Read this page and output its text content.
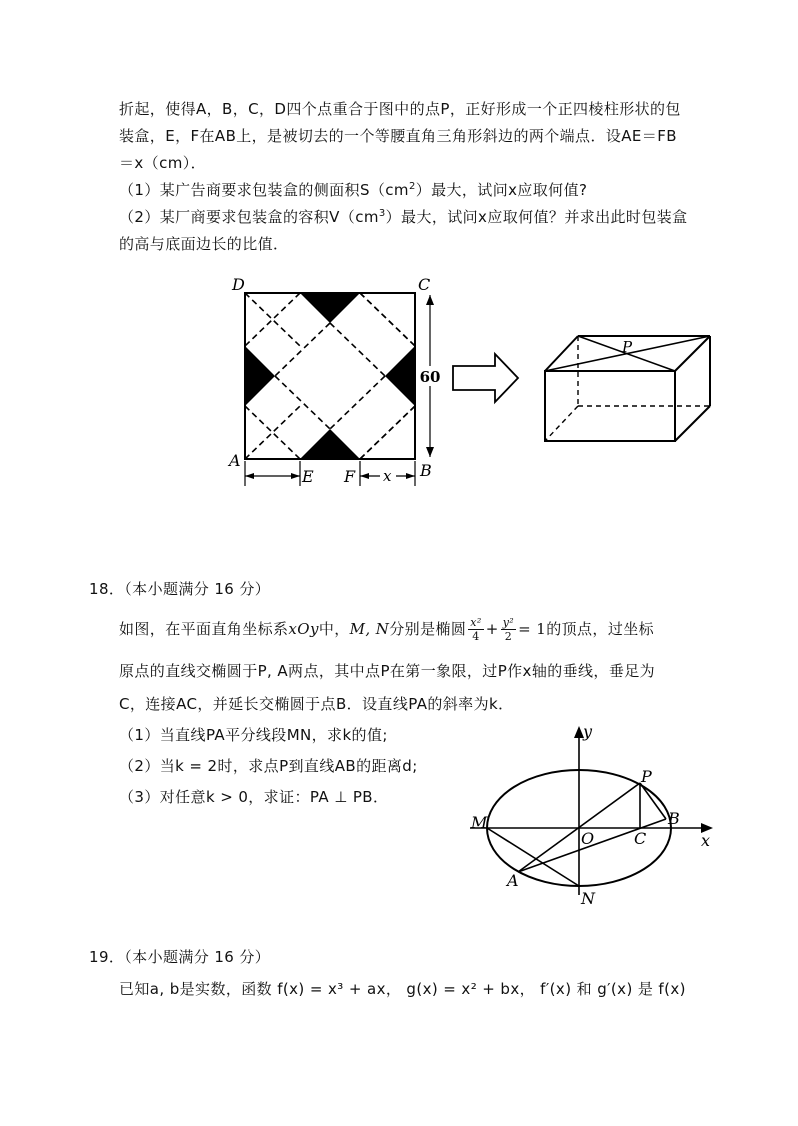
折起，使得A，B，C，D四个点重合于图中的点P，正好形成一个正四棱柱形状的包
装盒，E，F在AB上，是被切去的一个等腰直角三角形斜边的两个端点．设AE＝FB
＝x（cm）．
（1）某广告商要求包装盒的侧面积$S(cm^2)$最大，试问x应取何值?
（2）某厂商要求包装盒的容积$V(cm^3)$最大，试问x应取何值？并求出此时包装盒
的高与底面边长的比值．
60
D	C
A
B
E F x
P
18．（本小题满分 16 分）
如图，在平面直角坐标系xOy中，M, N分别是椭圆 $\frac{\text{x²}}{4} + \frac{\text{y²}}{2} = 1$的顶点，过坐标
原点的直线交椭圆于P, A两点，其中点P在第一象限，过P作x轴的垂线，垂足为
C，连接AC，并延长交椭圆于点B．设直线PA的斜率为k．
（1）当直线PA平分线段MN，求k的值;
（2）当k = 2时，求点P到直线AB的距离d;
（3）对任意k > 0，求证：PA ⊥ PB．
y
x
M
O C
B
P
A
N
19．（本小题满分 16 分）
已知a, b是实数，函数 f(x) = x³ + ax， g(x) = x² + bx， f′(x) 和 g′(x) 是 f(x)
